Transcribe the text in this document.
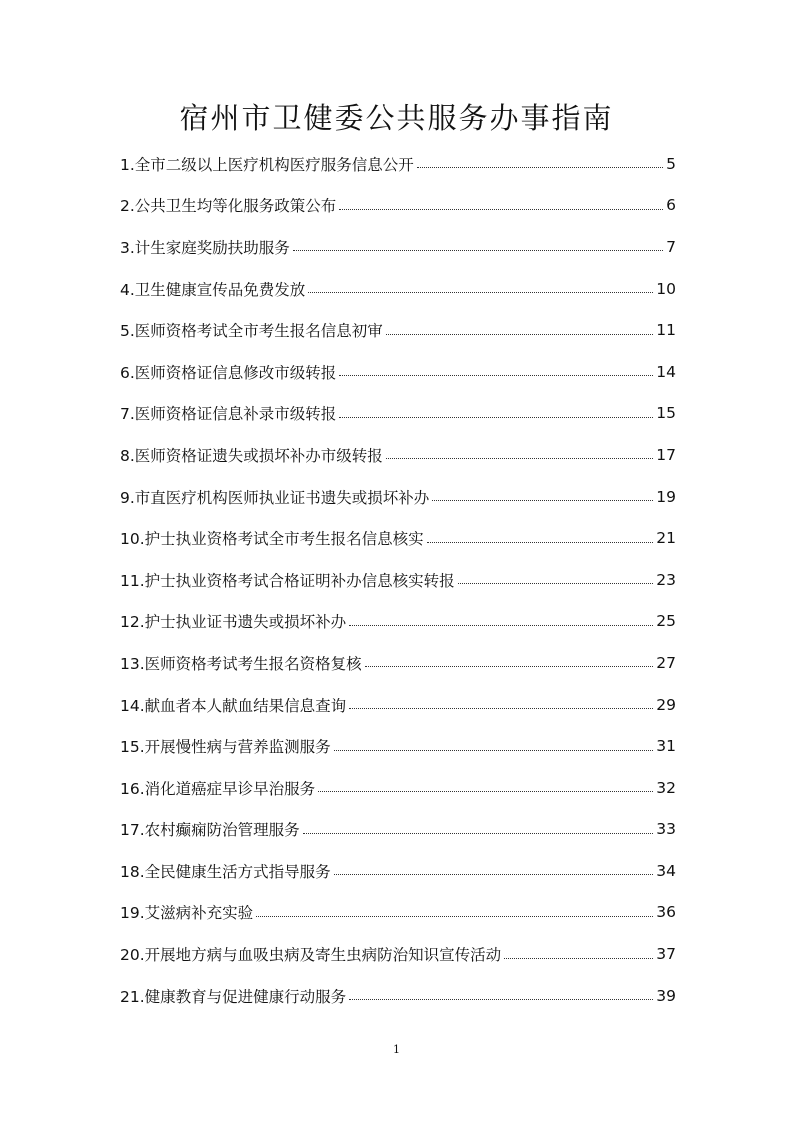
宿州市卫健委公共服务办事指南
1.全市二级以上医疗机构医疗服务信息公开	5
2.公共卫生均等化服务政策公布	6
3.计生家庭奖励扶助服务	7
4.卫生健康宣传品免费发放	10
5.医师资格考试全市考生报名信息初审	11
6.医师资格证信息修改市级转报	14
7.医师资格证信息补录市级转报	15
8.医师资格证遗失或损坏补办市级转报	17
9.市直医疗机构医师执业证书遗失或损坏补办	19
10.护士执业资格考试全市考生报名信息核实	21
11.护士执业资格考试合格证明补办信息核实转报	23
12.护士执业证书遗失或损坏补办	25
13.医师资格考试考生报名资格复核	27
14.献血者本人献血结果信息查询	29
15.开展慢性病与营养监测服务	31
16.消化道癌症早诊早治服务	32
17.农村癫痫防治管理服务	33
18.全民健康生活方式指导服务	34
19.艾滋病补充实验	36
20.开展地方病与血吸虫病及寄生虫病防治知识宣传活动	37
21.健康教育与促进健康行动服务	39
1
